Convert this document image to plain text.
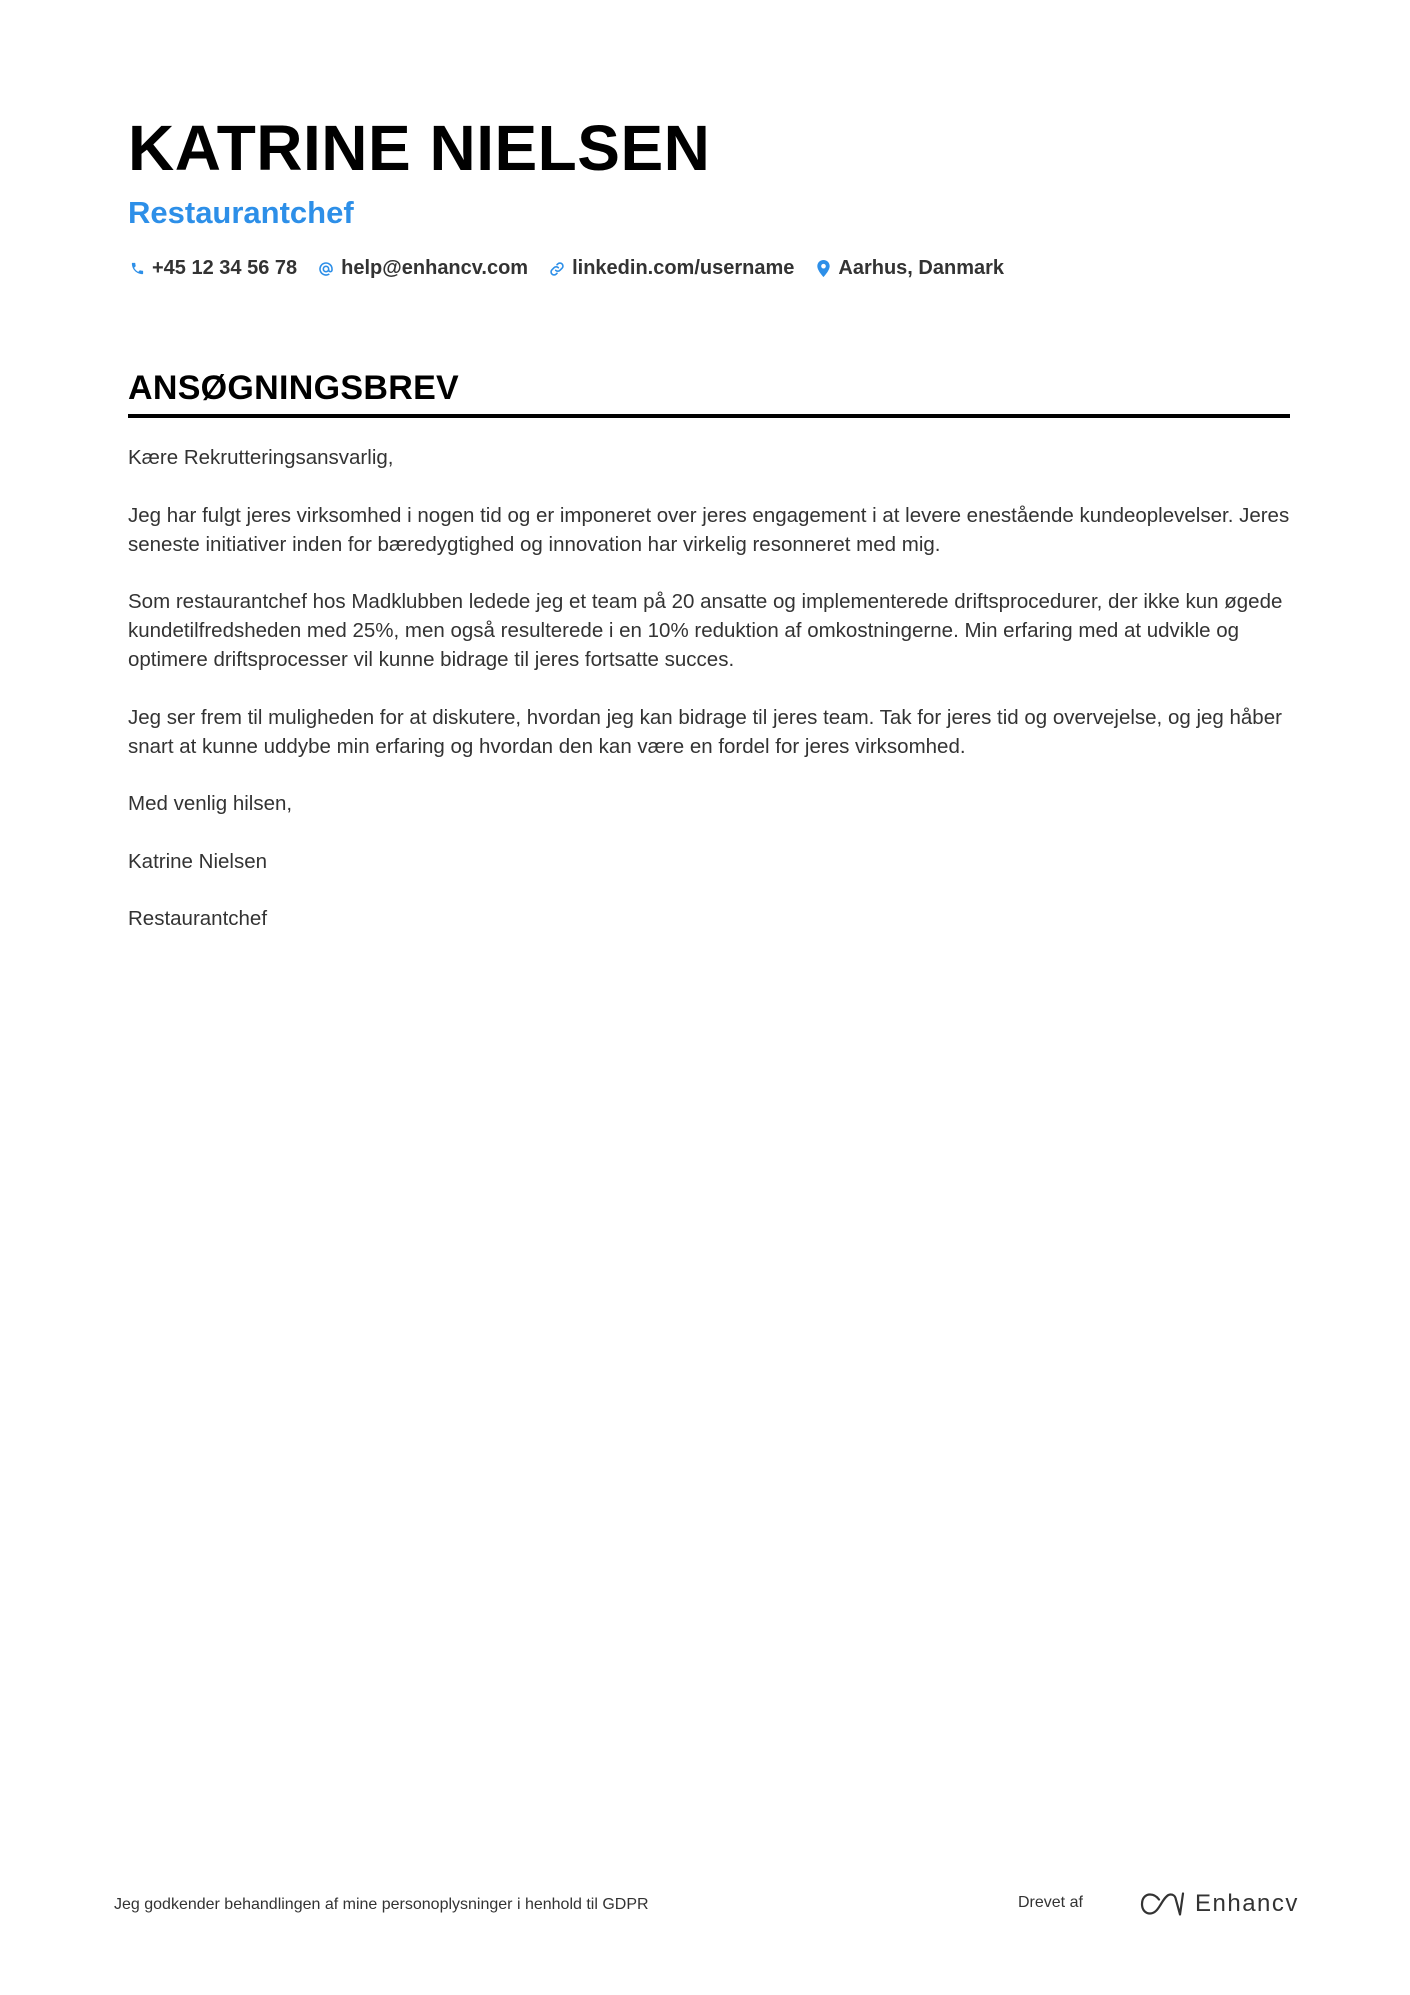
KATRINE NIELSEN
Restaurantchef
+45 12 34 56 78 help@enhancv.com linkedin.com/username Aarhus, Danmark
ANSØGNINGSBREV

Kære Rekrutteringsansvarlig,

Jeg har fulgt jeres virksomhed i nogen tid og er imponeret over jeres engagement i at levere enestående kundeoplevelser. Jeres seneste initiativer inden for bæredygtighed og innovation har virkelig resonneret med mig.

Som restaurantchef hos Madklubben ledede jeg et team på 20 ansatte og implementerede driftsprocedurer, der ikke kun øgede kundetilfredsheden med 25%, men også resulterede i en 10% reduktion af omkostningerne. Min erfaring med at udvikle og optimere driftsprocesser vil kunne bidrage til jeres fortsatte succes.

Jeg ser frem til muligheden for at diskutere, hvordan jeg kan bidrage til jeres team. Tak for jeres tid og overvejelse, og jeg håber snart at kunne uddybe min erfaring og hvordan den kan være en fordel for jeres virksomhed.

Med venlig hilsen,

Katrine Nielsen

Restaurantchef

Jeg godkender behandlingen af mine personoplysninger i henhold til GDPR	Drevet af	Enhancv
